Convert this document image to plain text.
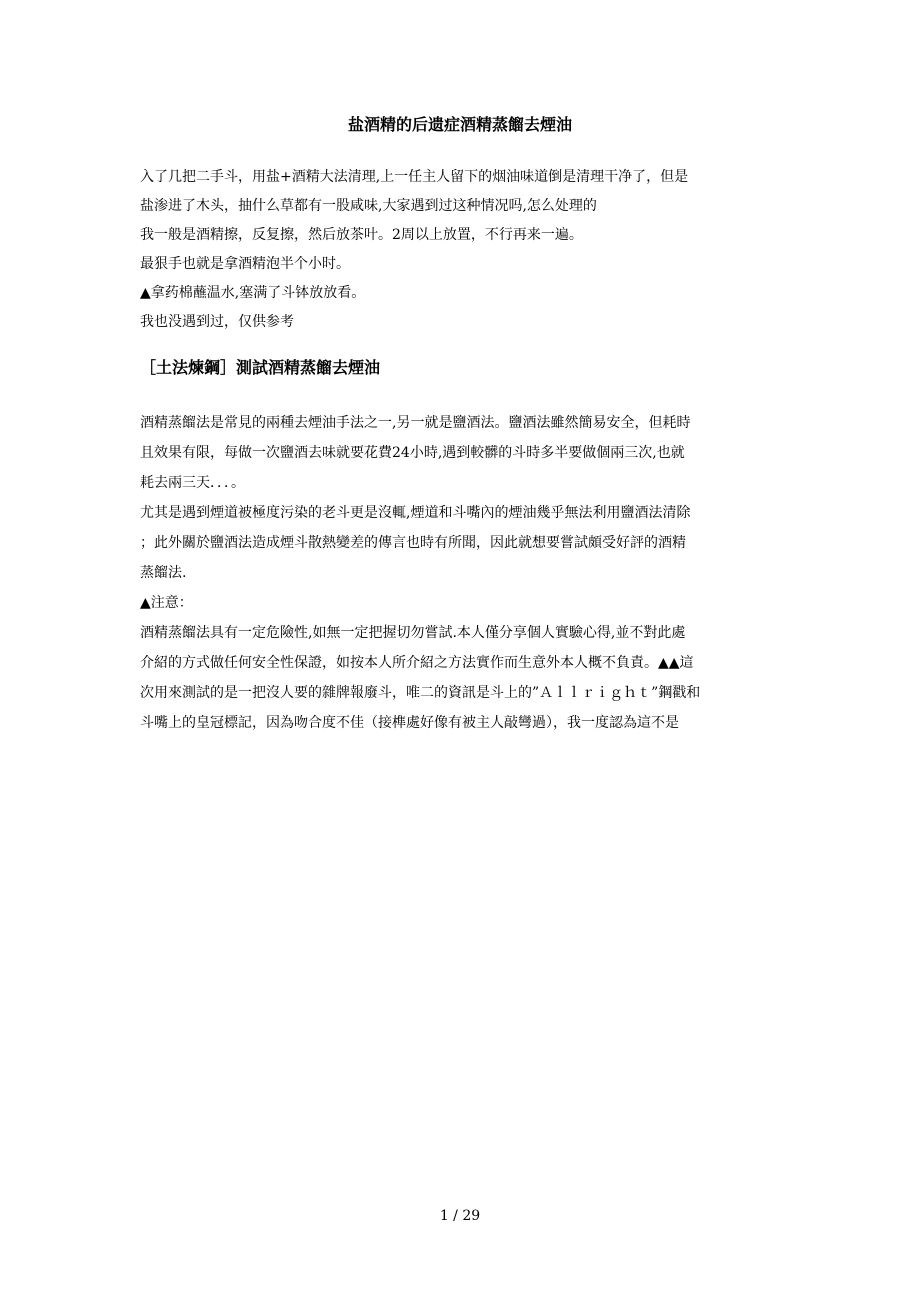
盐酒精的后遗症酒精蒸餾去煙油

入了几把二手斗，用盐+酒精大法清理,上一任主人留下的烟油味道倒是清理干净了，但是

盐渗进了木头，抽什么草都有一股咸味,大家遇到过这种情况吗,怎么处理的

我一般是酒精擦，反复擦，然后放茶叶。2周以上放置，不行再来一遍。

最狠手也就是拿酒精泡半个小时。

▲拿药棉蘸温水,塞满了斗钵放放看。

我也没遇到过，仅供参考

［土法煉鋼］測試酒精蒸餾去煙油

酒精蒸餾法是常見的兩種去煙油手法之一,另一就是鹽酒法。鹽酒法雖然簡易安全，但耗時

且效果有限，每做一次鹽酒去味就要花費24小時,遇到較髒的斗時多半要做個兩三次,也就

耗去兩三天．．．。

尤其是遇到煙道被極度污染的老斗更是沒輒,煙道和斗嘴內的煙油幾乎無法利用鹽酒法清除

；此外關於鹽酒法造成煙斗散熱變差的傳言也時有所聞，因此就想要嘗試頗受好評的酒精

蒸餾法.

▲注意：

酒精蒸餾法具有一定危險性,如無一定把握切勿嘗試.本人僅分享個人實驗心得,並不對此處

介紹的方式做任何安全性保證，如按本人所介紹之方法實作而生意外本人概不負責。▲▲這

次用來測試的是一把沒人要的雜牌報廢斗，唯二的資訊是斗上的”Ａｌｌｒｉｇｈｔ”鋼戳和

斗嘴上的皇冠標記，因為吻合度不佳（接榫處好像有被主人敲彎過），我一度認為這不是

1 / 29
